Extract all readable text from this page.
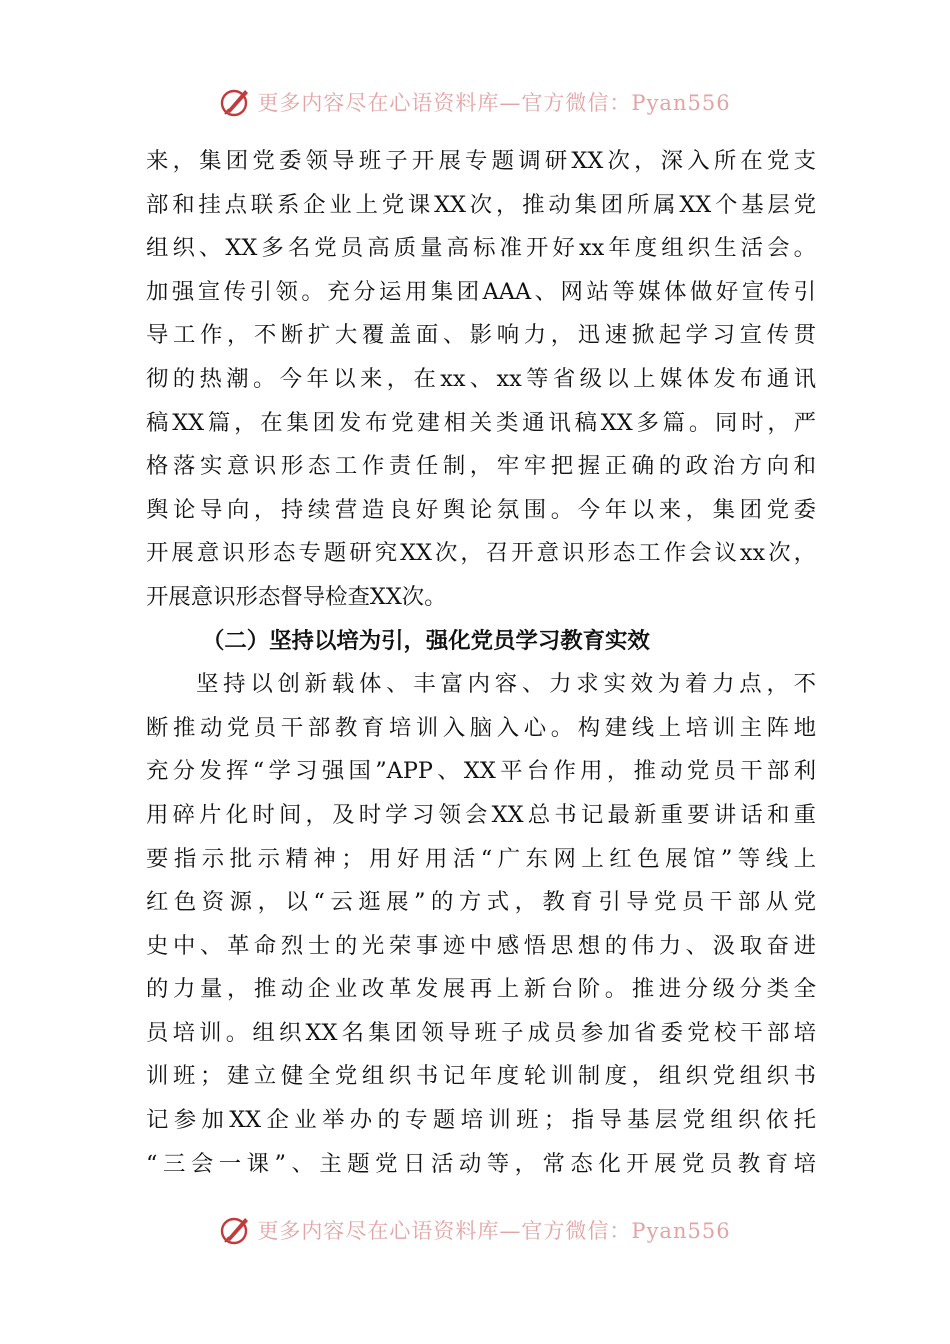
更多内容尽在心语资料库—官方微信：Pyan556
来，集团党委领导班子开展专题调研XX次，深入所在党支
部和挂点联系企业上党课XX次，推动集团所属XX个基层党
组织、XX多名党员高质量高标准开好xx年度组织生活会。
加强宣传引领。充分运用集团AAA、网站等媒体做好宣传引
导工作，不断扩大覆盖面、影响力，迅速掀起学习宣传贯
彻的热潮。今年以来，在xx、xx等省级以上媒体发布通讯
稿XX篇，在集团发布党建相关类通讯稿XX多篇。同时，严
格落实意识形态工作责任制，牢牢把握正确的政治方向和
舆论导向，持续营造良好舆论氛围。今年以来，集团党委
开展意识形态专题研究XX次，召开意识形态工作会议xx次，
开展意识形态督导检查XX次。
（二）坚持以培为引，强化党员学习教育实效
坚持以创新载体、丰富内容、力求实效为着力点，不
断推动党员干部教育培训入脑入心。构建线上培训主阵地
充分发挥“学习强国”APP、XX平台作用，推动党员干部利
用碎片化时间，及时学习领会XX总书记最新重要讲话和重
要指示批示精神；用好用活“广东网上红色展馆”等线上
红色资源，以“云逛展”的方式，教育引导党员干部从党
史中、革命烈士的光荣事迹中感悟思想的伟力、汲取奋进
的力量，推动企业改革发展再上新台阶。推进分级分类全
员培训。组织XX名集团领导班子成员参加省委党校干部培
训班；建立健全党组织书记年度轮训制度，组织党组织书
记参加XX企业举办的专题培训班；指导基层党组织依托
“三会一课”、主题党日活动等，常态化开展党员教育培
更多内容尽在心语资料库—官方微信：Pyan556
